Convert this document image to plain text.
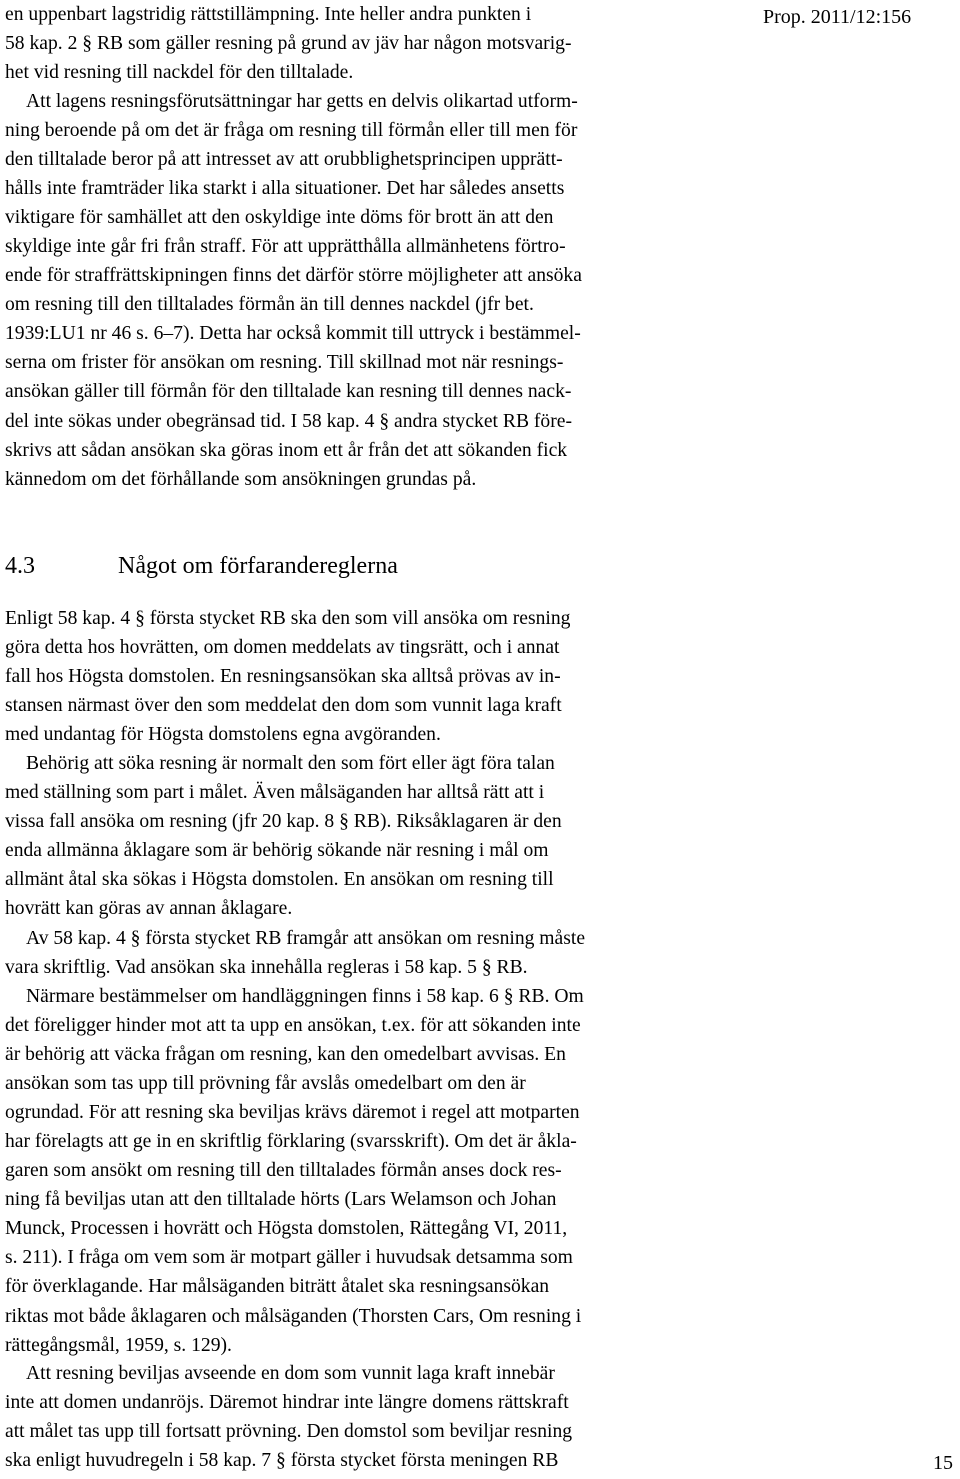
Prop. 2011/12:156

en uppenbart lagstridig rättstillämpning. Inte heller andra punkten i
58 kap. 2 § RB som gäller resning på grund av jäv har någon motsvarig-
het vid resning till nackdel för den tilltalade.

Att lagens resningsförutsättningar har getts en delvis olikartad utform-
ning beroende på om det är fråga om resning till förmån eller till men för
den tilltalade beror på att intresset av att orubblighetsprincipen upprätt-
hålls inte framträder lika starkt i alla situationer. Det har således ansetts
viktigare för samhället att den oskyldige inte döms för brott än att den
skyldige inte går fri från straff. För att upprätthålla allmänhetens förtro-
ende för straffrättskipningen finns det därför större möjligheter att ansöka
om resning till den tilltalades förmån än till dennes nackdel (jfr bet.
1939:LU1 nr 46 s. 6–7). Detta har också kommit till uttryck i bestämmel-
serna om frister för ansökan om resning. Till skillnad mot när resnings-
ansökan gäller till förmån för den tilltalade kan resning till dennes nack-
del inte sökas under obegränsad tid. I 58 kap. 4 § andra stycket RB före-
skrivs att sådan ansökan ska göras inom ett år från det att sökanden fick
kännedom om det förhållande som ansökningen grundas på.

4.3	Något om förfarandereglerna

Enligt 58 kap. 4 § första stycket RB ska den som vill ansöka om resning
göra detta hos hovrätten, om domen meddelats av tingsrätt, och i annat
fall hos Högsta domstolen. En resningsansökan ska alltså prövas av in-
stansen närmast över den som meddelat den dom som vunnit laga kraft
med undantag för Högsta domstolens egna avgöranden.

Behörig att söka resning är normalt den som fört eller ägt föra talan
med ställning som part i målet. Även målsäganden har alltså rätt att i
vissa fall ansöka om resning (jfr 20 kap. 8 § RB). Riksåklagaren är den
enda allmänna åklagare som är behörig sökande när resning i mål om
allmänt åtal ska sökas i Högsta domstolen. En ansökan om resning till
hovrätt kan göras av annan åklagare.

Av 58 kap. 4 § första stycket RB framgår att ansökan om resning måste
vara skriftlig. Vad ansökan ska innehålla regleras i 58 kap. 5 § RB.

Närmare bestämmelser om handläggningen finns i 58 kap. 6 § RB. Om
det föreligger hinder mot att ta upp en ansökan, t.ex. för att sökanden inte
är behörig att väcka frågan om resning, kan den omedelbart avvisas. En
ansökan som tas upp till prövning får avslås omedelbart om den är
ogrundad. För att resning ska beviljas krävs däremot i regel att motparten
har förelagts att ge in en skriftlig förklaring (svarsskrift). Om det är åkla-
garen som ansökt om resning till den tilltalades förmån anses dock res-
ning få beviljas utan att den tilltalade hörts (Lars Welamson och Johan
Munck, Processen i hovrätt och Högsta domstolen, Rättegång VI, 2011,
s. 211). I fråga om vem som är motpart gäller i huvudsak detsamma som
för överklagande. Har målsäganden biträtt åtalet ska resningsansökan
riktas mot både åklagaren och målsäganden (Thorsten Cars, Om resning i
rättegångsmål, 1959, s. 129).

Att resning beviljas avseende en dom som vunnit laga kraft innebär
inte att domen undanröjs. Däremot hindrar inte längre domens rättskraft
att målet tas upp till fortsatt prövning. Den domstol som beviljar resning
ska enligt huvudregeln i 58 kap. 7 § första stycket första meningen RB	15
